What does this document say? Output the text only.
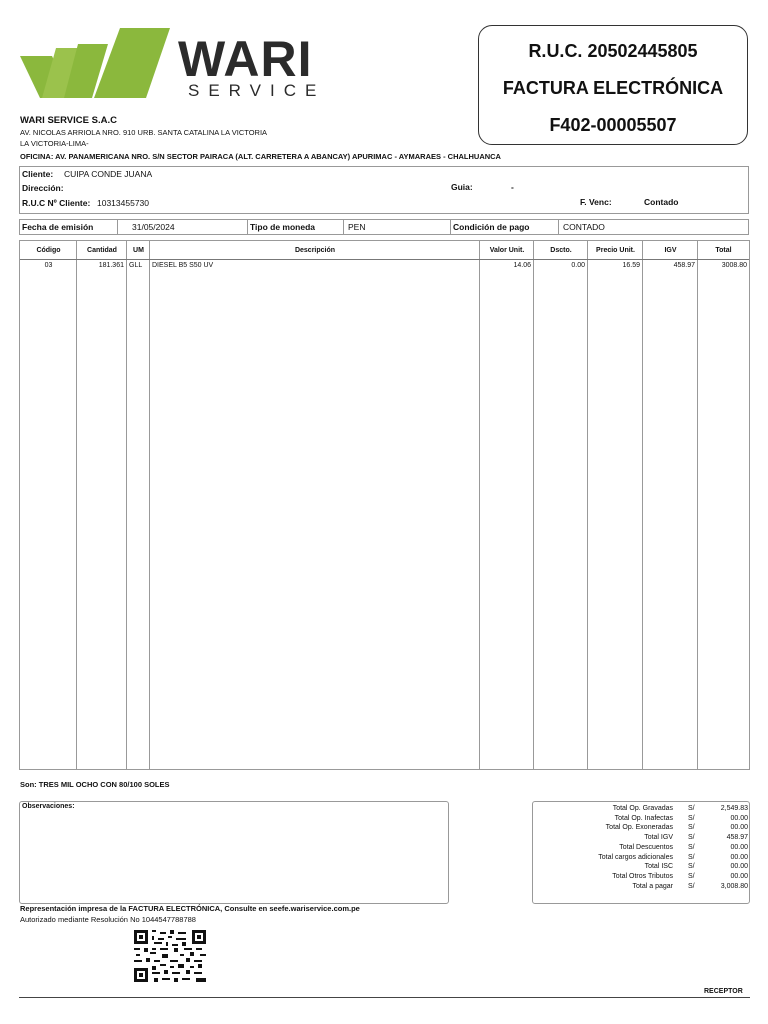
WARI
SERVICE
R.U.C. 20502445805
FACTURA ELECTRÓNICA
F402-00005507
WARI SERVICE S.A.C
AV. NICOLAS ARRIOLA NRO. 910 URB. SANTA CATALINA LA VICTORIA
LA VICTORIA-LIMA-
OFICINA: AV. PANAMERICANA NRO. S/N SECTOR PAIRACA (ALT. CARRETERA A ABANCAY) APURIMAC - AYMARAES - CHALHUANCA
Cliente: CUIPA CONDE JUANA
Dirección:	Guia:	-
R.U.C Nº Cliente: 10313455730	F. Venc:	Contado
Fecha de emisión	31/05/2024	Tipo de moneda	PEN	Condición de pago	CONTADO
Código	Cantidad	UM	Descripción	Valor Unit.	Dscto.	Precio Unit.	IGV	Total
03	181.361 GLL	DIESEL B5 S50 UV	14.06	0.00	16.59	458.97	3008.80
Son: TRES MIL OCHO CON 80/100 SOLES
Observaciones:	Total Op. Gravadas S/	2,549.83
Total Op. Inafectas S/	00.00
Total Op. Exoneradas S/	00.00
Total IGV S/	458.97
Total Descuentos S/	00.00
Total cargos adicionales S/	00.00
Total ISC S/	00.00
Total Otros Tributos S/	00.00
Total a pagar S/	3,008.80
Representación impresa de la FACTURA ELECTRÓNICA, Consulte en seefe.wariservice.com.pe
Autorizado mediante Resolución No 1044547788788
RECEPTOR
